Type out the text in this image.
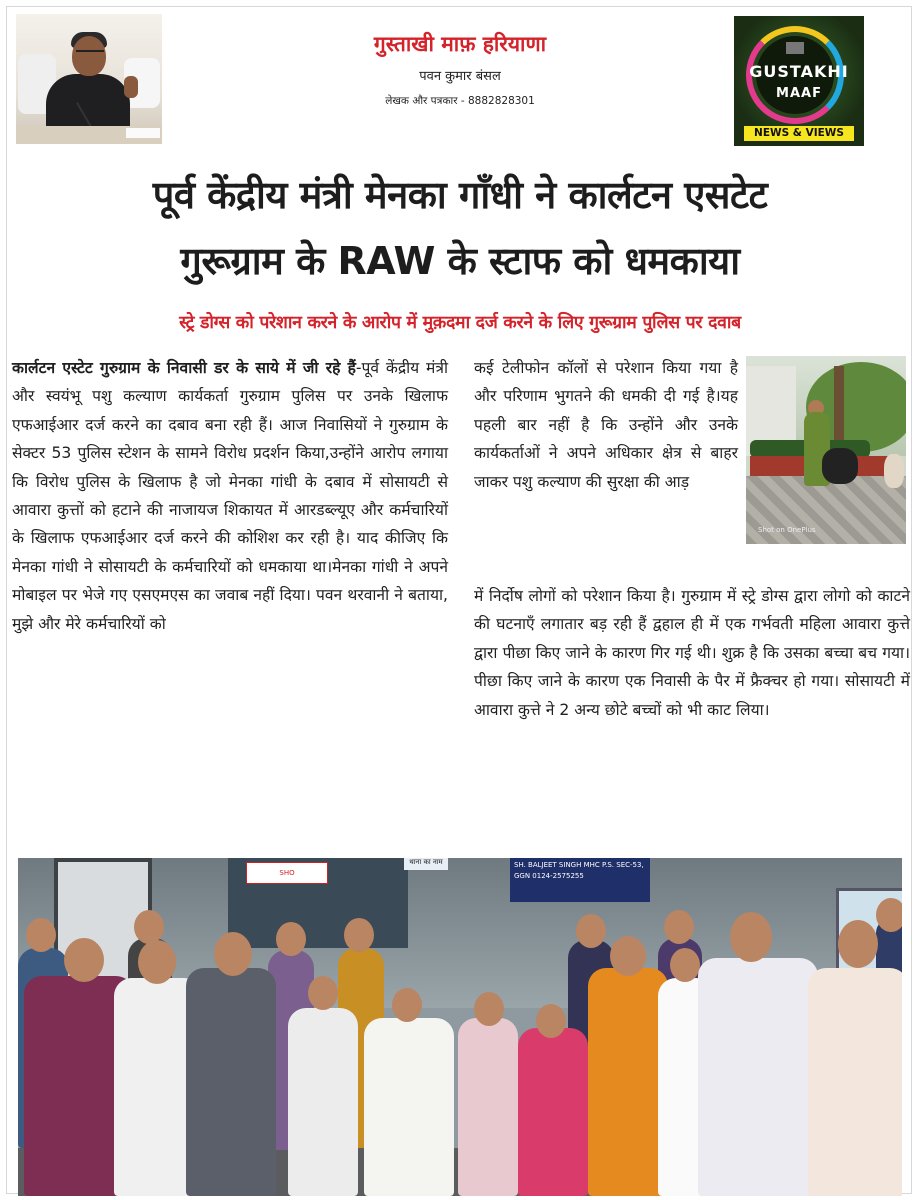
गुस्ताखी माफ़ हरियाणा
पवन कुमार बंसल
लेखक और पत्रकार - 8882828301
GUSTAKHI
MAAF
NEWS & VIEWS
पूर्व केंद्रीय मंत्री मेनका गाँधी ने कार्लटन एसटेट
गुरूग्राम के RAW के स्टाफ को धमकाया
स्ट्रे डोग्स को परेशान करने के आरोप में मुक़दमा दर्ज करने के लिए गुरूग्राम पुलिस पर दवाब
कार्लटन एस्टेट गुरुग्राम के निवासी डर के साये में जी रहे हैं-पूर्व केंद्रीय मंत्री और स्वयंभू पशु कल्याण कार्यकर्ता गुरुग्राम पुलिस पर उनके खिलाफ एफआईआर दर्ज करने का दबाव बना रही हैं। आज निवासियों ने गुरुग्राम के सेक्टर 53 पुलिस स्टेशन के सामने विरोध प्रदर्शन किया,उन्होंने आरोप लगाया कि विरोध पुलिस के खिलाफ है जो मेनका गांधी के दबाव में सोसायटी से आवारा कुत्तों को हटाने की नाजायज शिकायत में आरडब्ल्यूए और कर्मचारियों के खिलाफ एफआईआर दर्ज करने की कोशिश कर रही है। याद कीजिए कि मेनका गांधी ने सोसायटी के कर्मचारियों को धमकाया था।मेनका गांधी ने अपने मोबाइल पर भेजे गए एसएमएस का जवाब नहीं दिया। पवन थरवानी ने बताया, मुझे और मेरे कर्मचारियों को
कई टेलीफोन कॉलों से परेशान किया गया है और परिणाम भुगतने की धमकी दी गई है।यह पहली बार नहीं है कि उन्होंने और उनके कार्यकर्ताओं ने अपने अधिकार क्षेत्र से बाहर जाकर पशु कल्याण की सुरक्षा की आड़
Shot on OnePlus
में निर्दोष लोगों को परेशान किया है। गुरुग्राम में स्ट्रे डोग्स द्वारा लोगो को काटने की घटनाएँ लगातार बड़ रही हैं द्वहाल ही में एक गर्भवती महिला आवारा कुत्ते द्वारा पीछा किए जाने के कारण गिर गई थी। शुक्र है कि उसका बच्चा बच गया। पीछा किए जाने के कारण एक निवासी के पैर में फ्रैक्चर हो गया। सोसायटी में आवारा कुत्ते ने 2 अन्य छोटे बच्चों को भी काट लिया।
SHO
थाना का नाम	SH. BALJEET SINGH MHC P.S. SEC-53, GGN 0124-2575255
